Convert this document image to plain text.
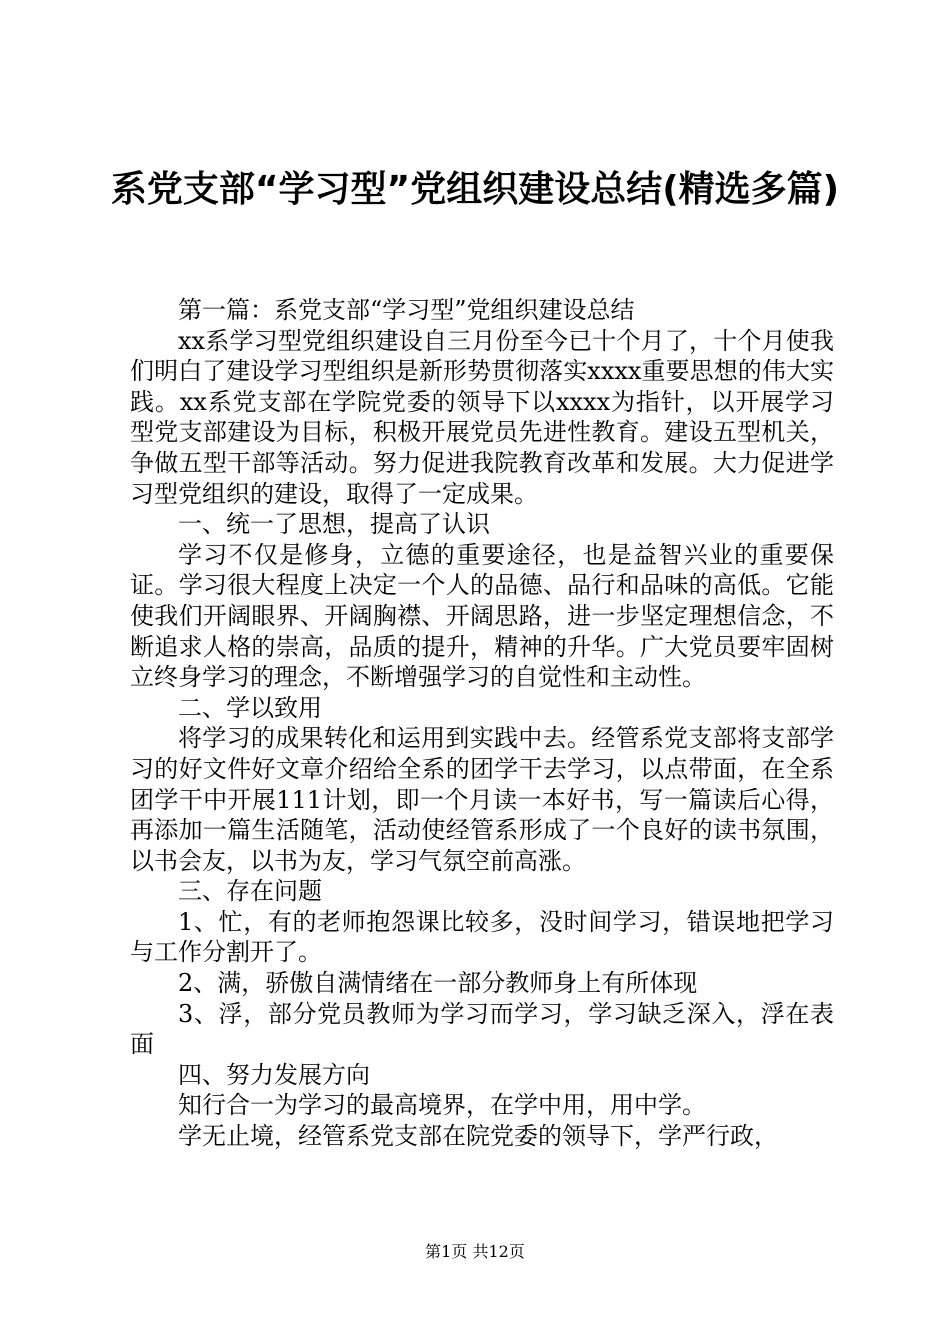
系党支部“学习型”党组织建设总结(精选多篇)

第一篇：系党支部“学习型”党组织建设总结

xx系学习型党组织建设自三月份至今已十个月了，十个月使我们明白了建设学习型组织是新形势贯彻落实xxxx重要思想的伟大实践。xx系党支部在学院党委的领导下以xxxx为指针，以开展学习型党支部建设为目标，积极开展党员先进性教育。建设五型机关，争做五型干部等活动。努力促进我院教育改革和发展。大力促进学习型党组织的建设，取得了一定成果。

一、统一了思想，提高了认识

学习不仅是修身，立德的重要途径，也是益智兴业的重要保证。学习很大程度上决定一个人的品德、品行和品味的高低。它能使我们开阔眼界、开阔胸襟、开阔思路，进一步坚定理想信念，不断追求人格的崇高，品质的提升，精神的升华。广大党员要牢固树立终身学习的理念，不断增强学习的自觉性和主动性。

二、学以致用

将学习的成果转化和运用到实践中去。经管系党支部将支部学习的好文件好文章介绍给全系的团学干去学习，以点带面，在全系团学干中开展111计划，即一个月读一本好书，写一篇读后心得，再添加一篇生活随笔，活动使经管系形成了一个良好的读书氛围，以书会友，以书为友，学习气氛空前高涨。

三、存在问题

1、忙，有的老师抱怨课比较多，没时间学习，错误地把学习与工作分割开了。

2、满，骄傲自满情绪在一部分教师身上有所体现

3、浮，部分党员教师为学习而学习，学习缺乏深入，浮在表面

四、努力发展方向

知行合一为学习的最高境界，在学中用，用中学。

学无止境，经管系党支部在院党委的领导下，学严行政，

第1页 共12页
